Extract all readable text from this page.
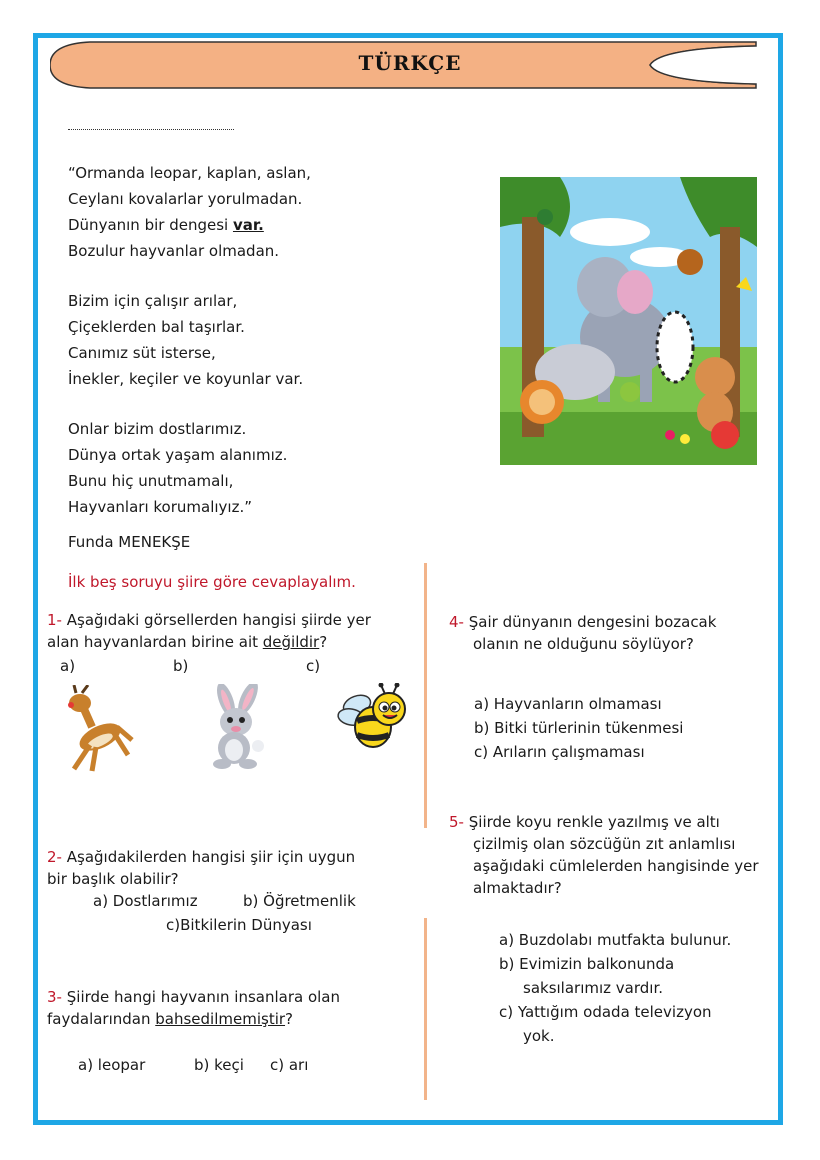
TÜRKÇE
“Ormanda leopar, kaplan, aslan,
Ceylanı kovalarlar yorulmadan.
Dünyanın bir dengesi var.
Bozulur hayvanlar olmadan.
Bizim için çalışır arılar,
Çiçeklerden bal taşırlar.
Canımız süt isterse,
İnekler, keçiler ve koyunlar var.
Onlar bizim dostlarımız.
Dünya ortak yaşam alanımız.
Bunu hiç unutmamalı,
Hayvanları korumalıyız.”
Funda MENEKŞE
İlk beş soruyu şiire göre cevaplayalım.
1- Aşağıdaki görsellerden hangisi şiirde yer
alan hayvanlardan birine ait değildir?
a)	b)	c)
2- Aşağıdakilerden hangisi şiir için uygun
bir başlık olabilir?
a) Dostlarımız	b) Öğretmenlik
c)Bitkilerin Dünyası
3- Şiirde hangi hayvanın insanlara olan
faydalarından bahsedilmemiştir?
a) leopar	b) keçi c) arı
4- Şair dünyanın dengesini bozacak
olanın ne olduğunu söylüyor?
a) Hayvanların olmaması
b) Bitki türlerinin tükenmesi
c) Arıların çalışmaması
5- Şiirde koyu renkle yazılmış ve altı
çizilmiş olan sözcüğün zıt anlamlısı
aşağıdaki cümlelerden hangisinde yer
almaktadır?
a) Buzdolabı mutfakta bulunur.
b) Evimizin balkonunda
saksılarımız vardır.
c) Yattığım odada televizyon
yok.
